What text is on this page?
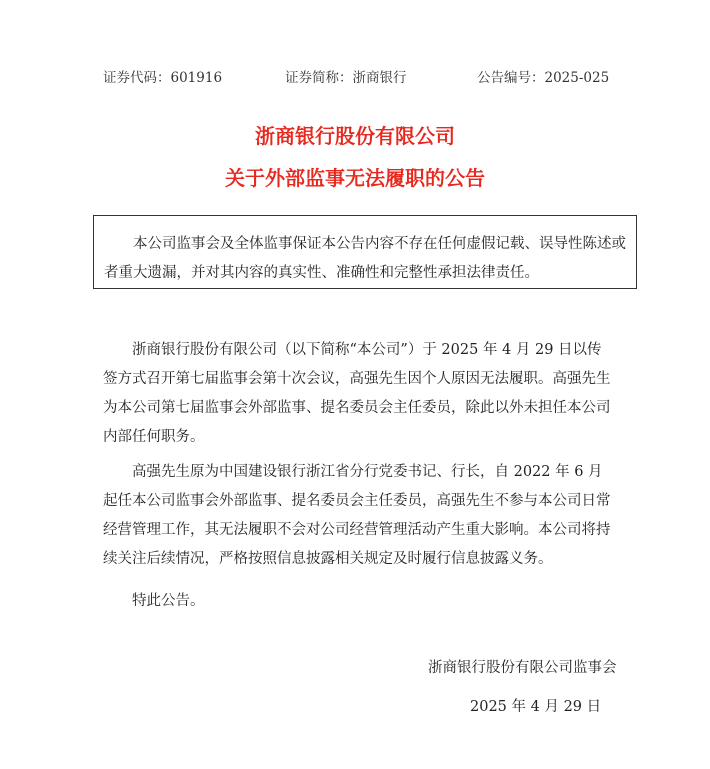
证券代码：601916	证券简称：浙商银行	公告编号：2025-025
浙商银行股份有限公司
关于外部监事无法履职的公告

本公司监事会及全体监事保证本公告内容不存在任何虚假记载、误导性陈述或者重大遗漏，并对其内容的真实性、准确性和完整性承担法律责任。

浙商银行股份有限公司（以下简称“本公司”）于 2025 年 4 月 29 日以传签方式召开第七届监事会第十次会议，高强先生因个人原因无法履职。高强先生为本公司第七届监事会外部监事、提名委员会主任委员，除此以外未担任本公司内部任何职务。

高强先生原为中国建设银行浙江省分行党委书记、行长，自 2022 年 6 月起任本公司监事会外部监事、提名委员会主任委员，高强先生不参与本公司日常经营管理工作，其无法履职不会对公司经营管理活动产生重大影响。本公司将持续关注后续情况，严格按照信息披露相关规定及时履行信息披露义务。

特此公告。

浙商银行股份有限公司监事会
2025 年 4 月 29 日
